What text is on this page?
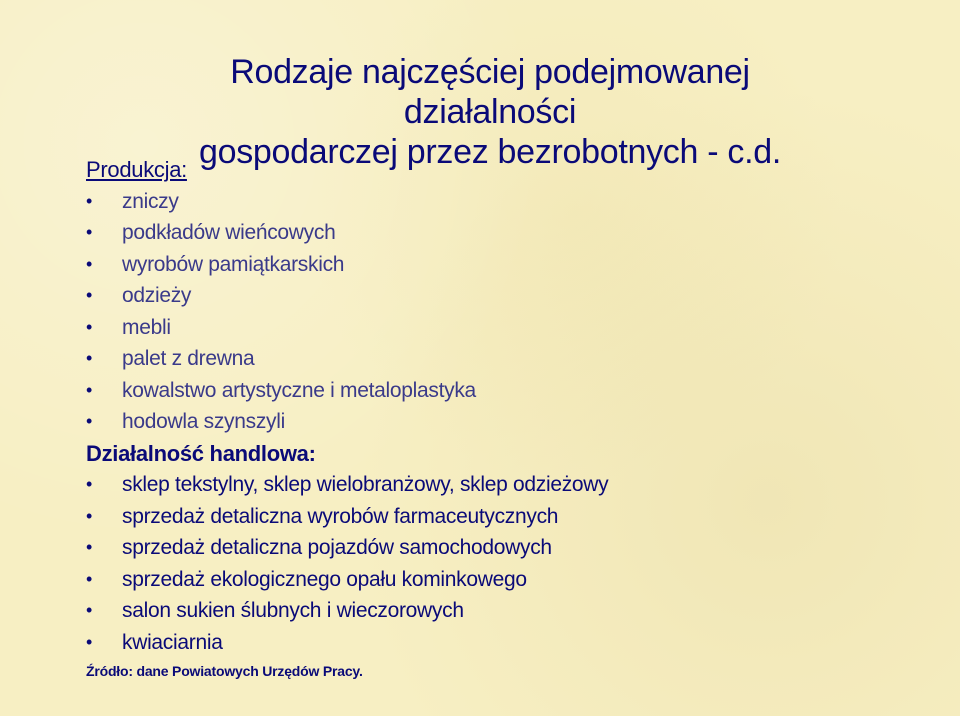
Rodzaje najczęściej podejmowanej działalności
gospodarczej przez bezrobotnych - c.d.
Produkcja:
• zniczy
• podkładów wieńcowych
• wyrobów pamiątkarskich
• odzieży
• mebli
• palet z drewna
• kowalstwo artystyczne i metaloplastyka
• hodowla szynszyli
Działalność handlowa:
• sklep tekstylny, sklep wielobranżowy, sklep odzieżowy
• sprzedaż detaliczna wyrobów farmaceutycznych
• sprzedaż detaliczna pojazdów samochodowych
• sprzedaż ekologicznego opału kominkowego
• salon sukien ślubnych i wieczorowych
• kwiaciarnia
Źródło: dane Powiatowych Urzędów Pracy.
